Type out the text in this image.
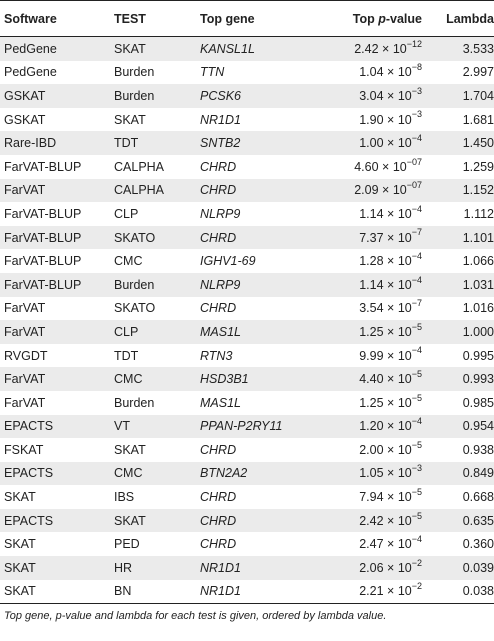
Software	TEST	Top gene	Top p-value	Lambda
PedGene	SKAT	KANSL1L	$2.42 \times 10^{-12}$	3.533
PedGene	Burden	TTN	$1.04 \times 10^{-8}$	2.997
GSKAT	Burden	PCSK6	$3.04 \times 10^{-3}$	1.704
GSKAT	SKAT	NR1D1	$1.90 \times 10^{-3}$	1.681
Rare-IBD	TDT	SNTB2	$1.00 \times 10^{-4}$	1.450
FarVAT-BLUP	CALPHA	CHRD	$4.60 \times 10^{-07}$	1.259
FarVAT	CALPHA	CHRD	$2.09 \times 10^{-07}$	1.152
FarVAT-BLUP	CLP	NLRP9	$1.14 \times 10^{-4}$	1.112
FarVAT-BLUP	SKATO	CHRD	$7.37 \times 10^{-7}$	1.101
FarVAT-BLUP	CMC	IGHV1-69	$1.28 \times 10^{-4}$	1.066
FarVAT-BLUP	Burden	NLRP9	$1.14 \times 10^{-4}$	1.031
FarVAT	SKATO	CHRD	$3.54 \times 10^{-7}$	1.016
FarVAT	CLP	MAS1L	$1.25 \times 10^{-5}$	1.000
RVGDT	TDT	RTN3	$9.99 \times 10^{-4}$	0.995
FarVAT	CMC	HSD3B1	$4.40 \times 10^{-5}$	0.993
FarVAT	Burden	MAS1L	$1.25 \times 10^{-5}$	0.985
EPACTS	VT	PPAN-P2RY11	$1.20 \times 10^{-4}$	0.954
FSKAT	SKAT	CHRD	$2.00 \times 10^{-5}$	0.938
EPACTS	CMC	BTN2A2	$1.05 \times 10^{-3}$	0.849
SKAT	IBS	CHRD	$7.94 \times 10^{-5}$	0.668
EPACTS	SKAT	CHRD	$2.42 \times 10^{-5}$	0.635
SKAT	PED	CHRD	$2.47 \times 10^{-4}$	0.360
SKAT	HR	NR1D1	$2.06 \times 10^{-2}$	0.039
SKAT	BN	NR1D1	$2.21 \times 10^{-2}$	0.038
Top gene, p-value and lambda for each test is given, ordered by lambda value.
